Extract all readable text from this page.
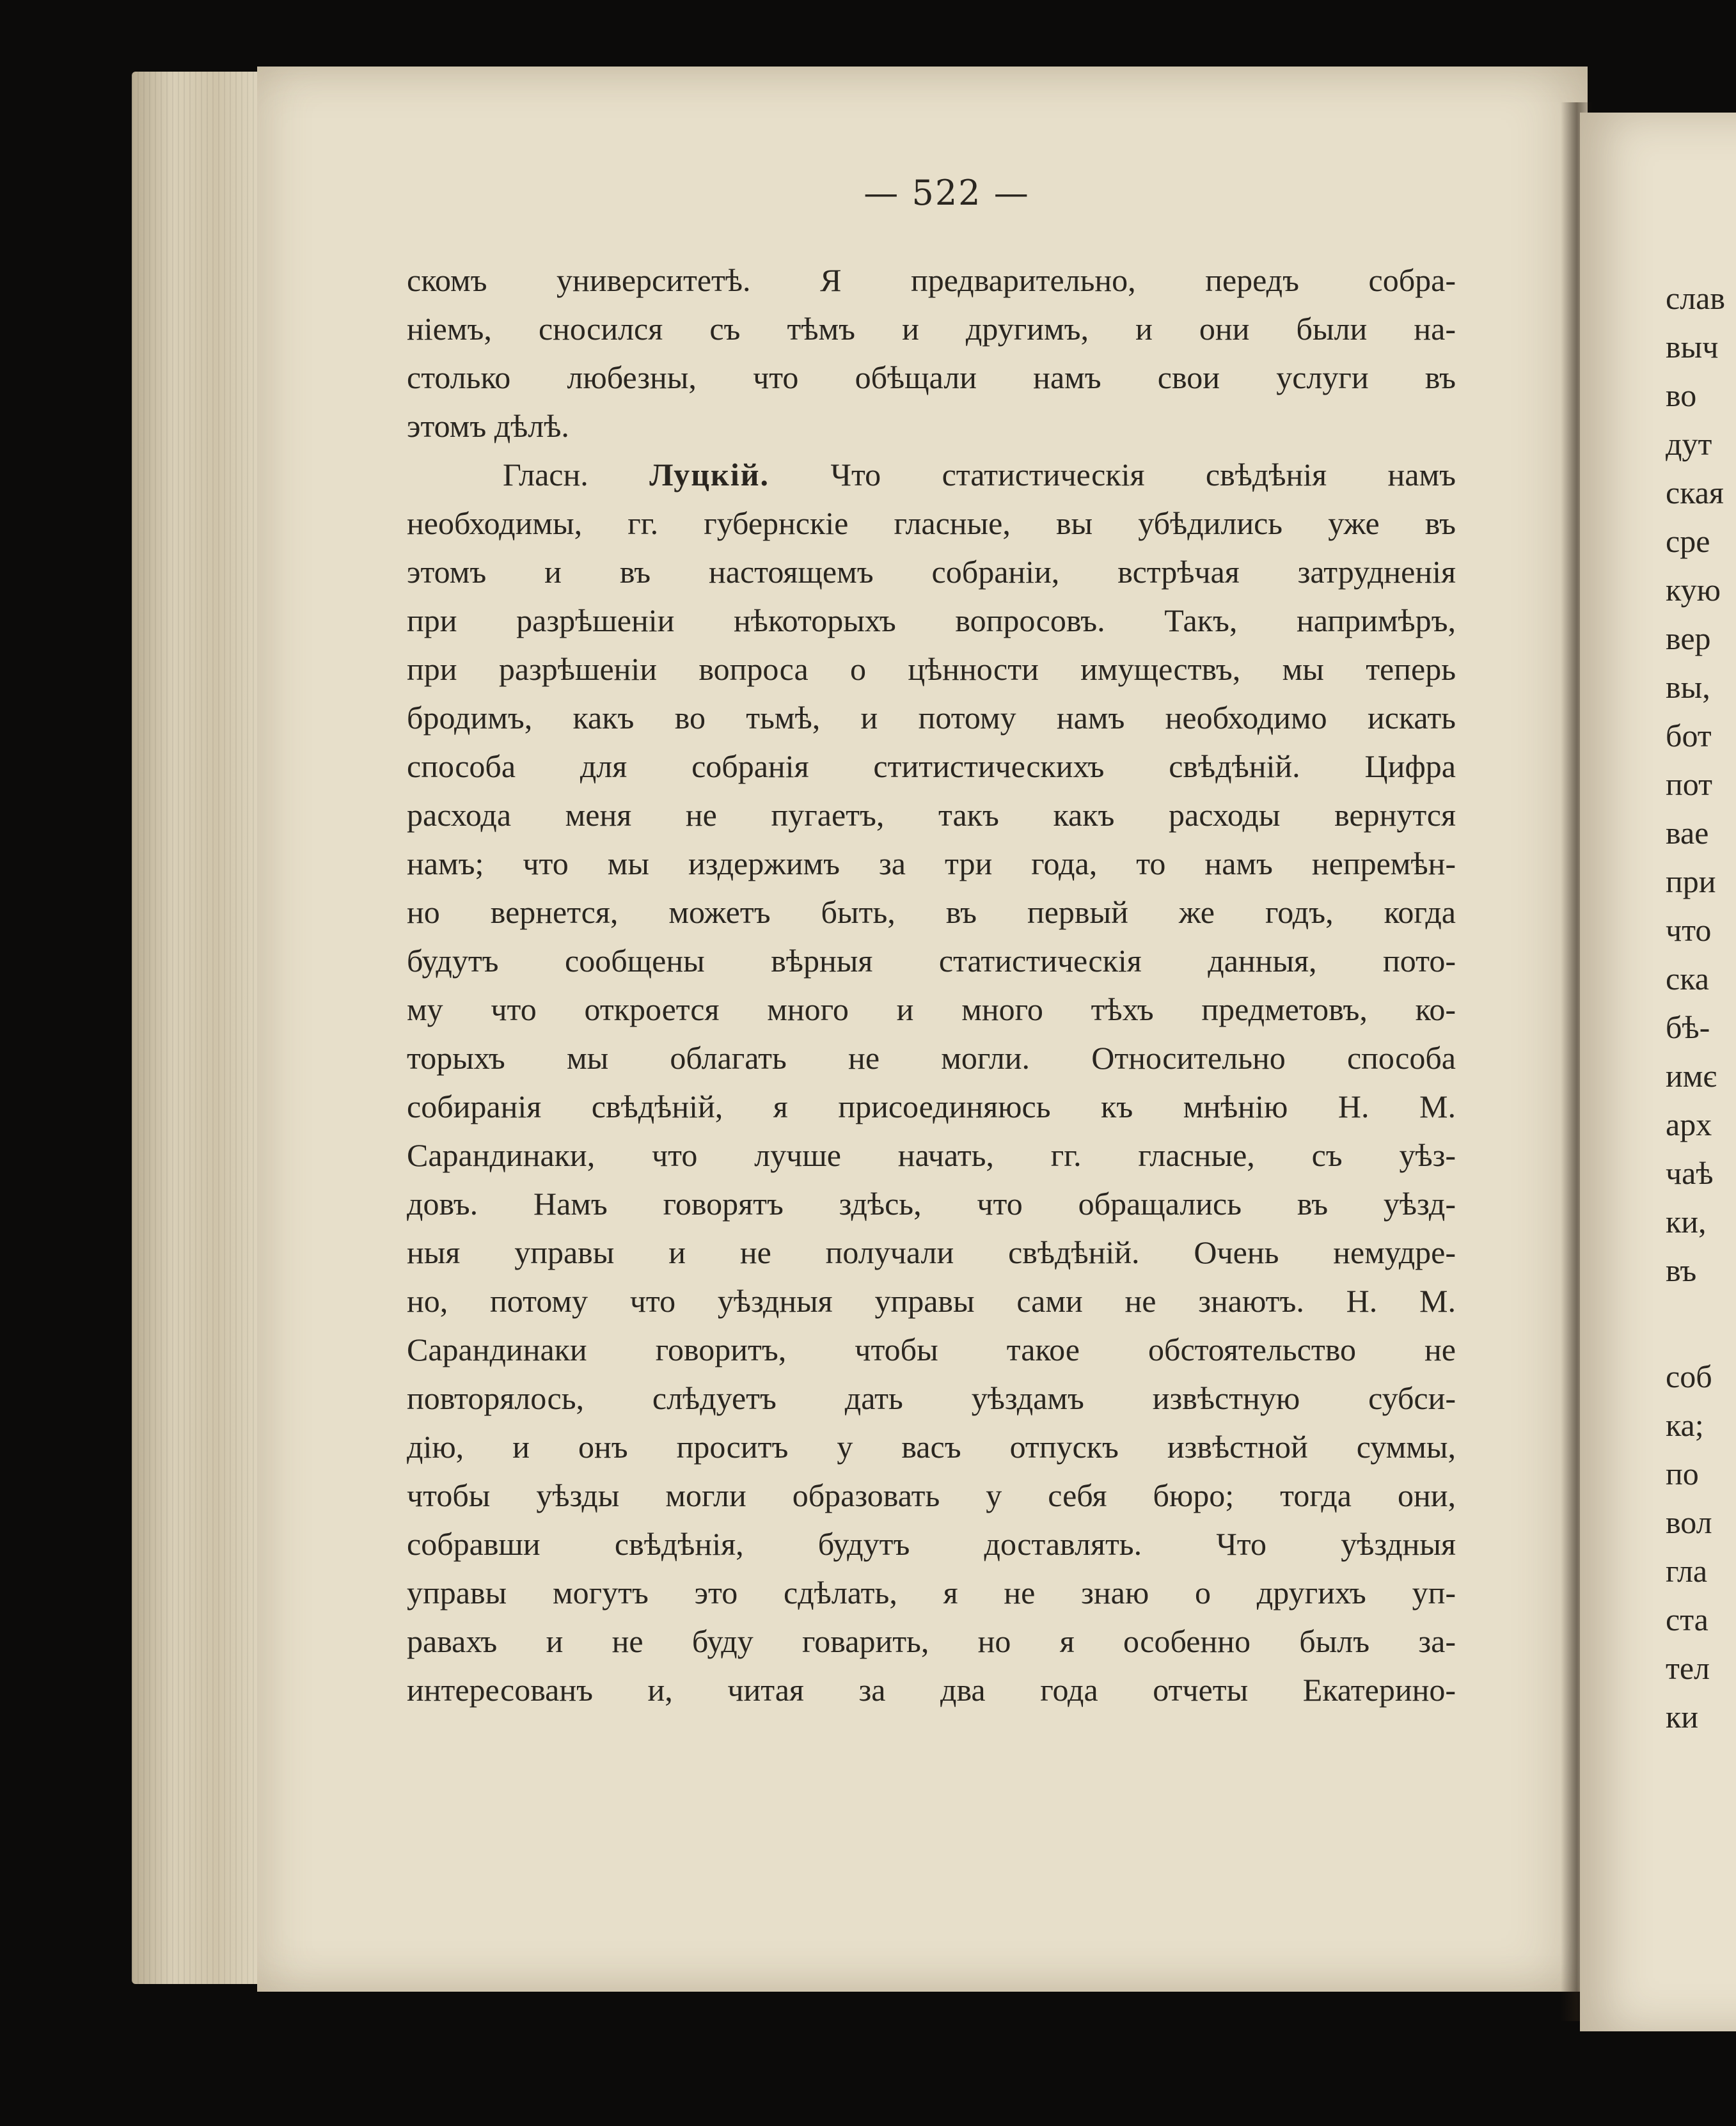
— 522 —
скомъ университетѣ. Я предварительно, передъ собра-
ніемъ, сносился съ тѣмъ и другимъ, и они были на-
столько любезны, что обѣщали намъ свои услуги въ
этомъ дѣлѣ.
Гласн. Луцкій. Что статистическія свѣдѣнія намъ
необходимы, гг. губернскіе гласные, вы убѣдились уже въ
этомъ и въ настоящемъ собраніи, встрѣчая затрудненія
при разрѣшеніи нѣкоторыхъ вопросовъ. Такъ, напримѣръ,
при разрѣшеніи вопроса о цѣнности имуществъ, мы теперь
бродимъ, какъ во тьмѣ, и потому намъ необходимо искать
способа для собранія ститистическихъ свѣдѣній. Цифра
расхода меня не пугаетъ, такъ какъ расходы вернутся
намъ; что мы издержимъ за три года, то намъ непремѣн-
но вернется, можетъ быть, въ первый же годъ, когда
будутъ сообщены вѣрныя статистическія данныя, пото-
му что откроется много и много тѣхъ предметовъ, ко-
торыхъ мы облагать не могли. Относительно способа
собиранія свѣдѣній, я присоединяюсь къ мнѣнію Н. М.
Сарандинаки, что лучше начать, гг. гласные, съ уѣз-
довъ. Намъ говорятъ здѣсь, что обращались въ уѣзд-
ныя управы и не получали свѣдѣній. Очень немудре-
но, потому что уѣздныя управы сами не знаютъ. Н. М.
Сарандинаки говоритъ, чтобы такое обстоятельство не
повторялось, слѣдуетъ дать уѣздамъ извѣстную субси-
дію, и онъ проситъ у васъ отпускъ извѣстной суммы,
чтобы уѣзды могли образовать у себя бюро; тогда они,
собравши свѣдѣнія, будутъ доставлять. Что уѣздныя
управы могутъ это сдѣлать, я не знаю о другихъ уп-
равахъ и не буду говарить, но я особенно былъ за-
интересованъ и, читая за два года отчеты Екатерино-
слав
выч
во
дут
ская
сре
кую
вер
вы,
бот
пот
вае
при
что
ска
бѣ-
имє
арх
чаѣ
ки,
въ
соб
ка;
по
вол
гла
ста
тел
ки
